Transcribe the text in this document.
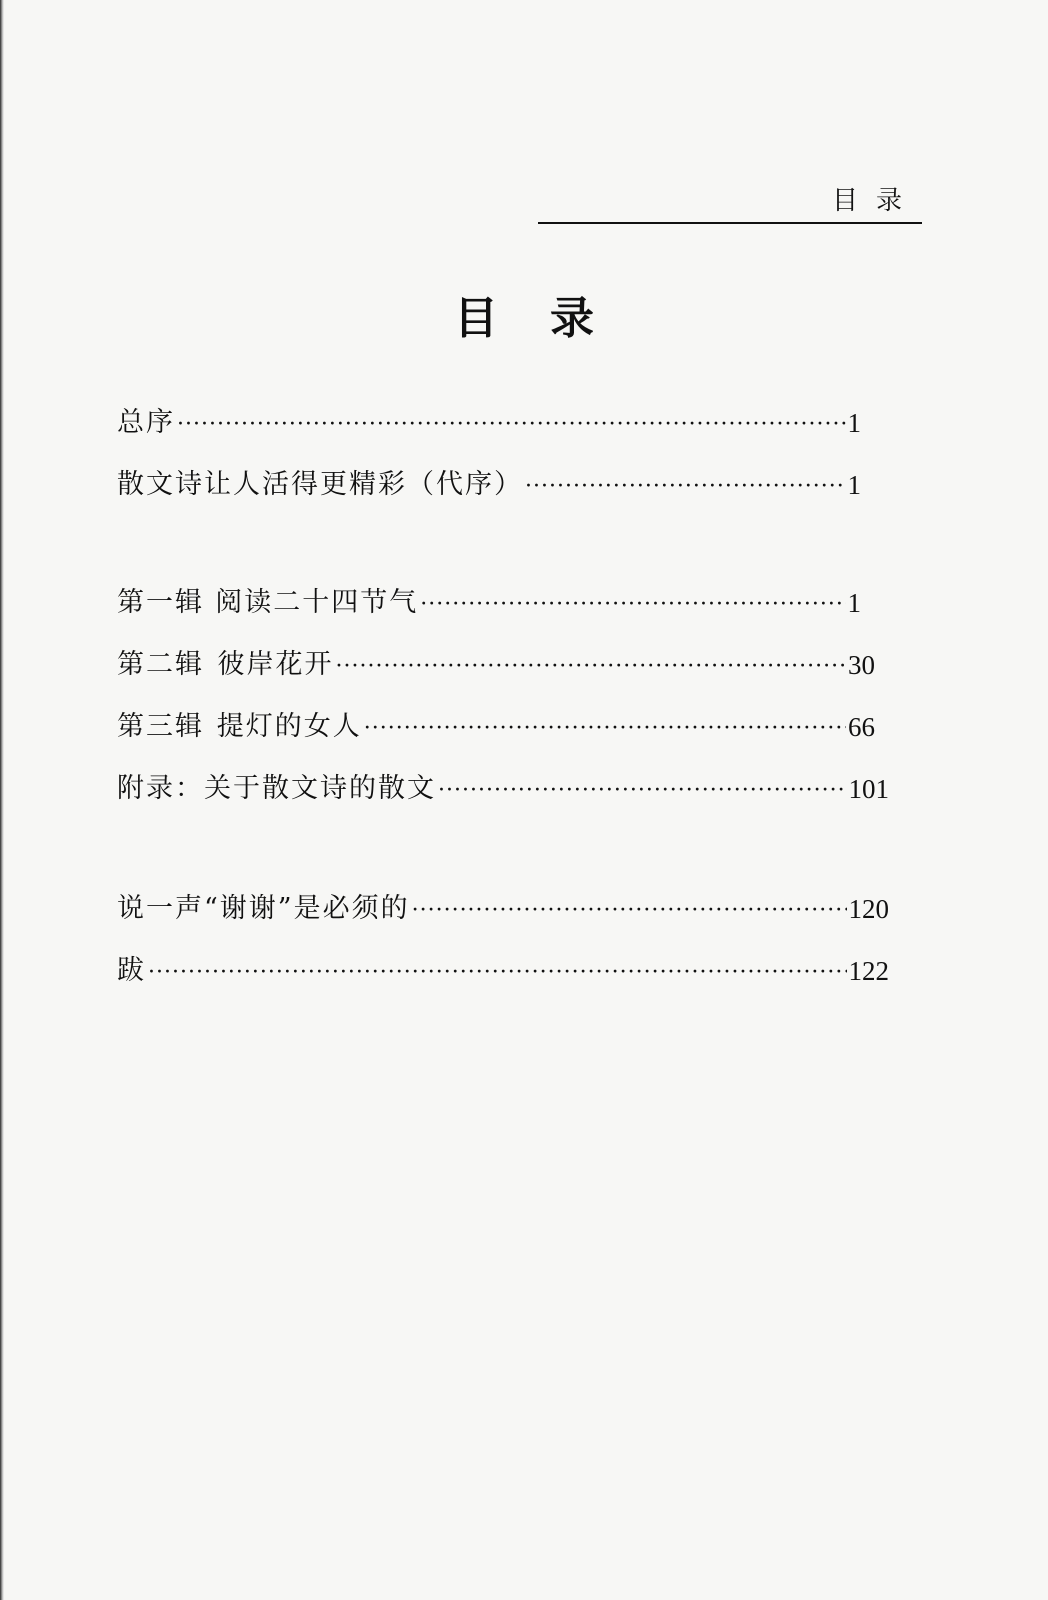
目录
目录
总序 ·····	1
散文诗让人活得更精彩（代序） ·····	1
第一辑 阅读二十四节气 ·····	1
第二辑 彼岸花开 ·····	30
第三辑 提灯的女人 ·····	66
附录：关于散文诗的散文 ·····	101
说一声“谢谢”是必须的 ·····	120
跋 ·····	122
